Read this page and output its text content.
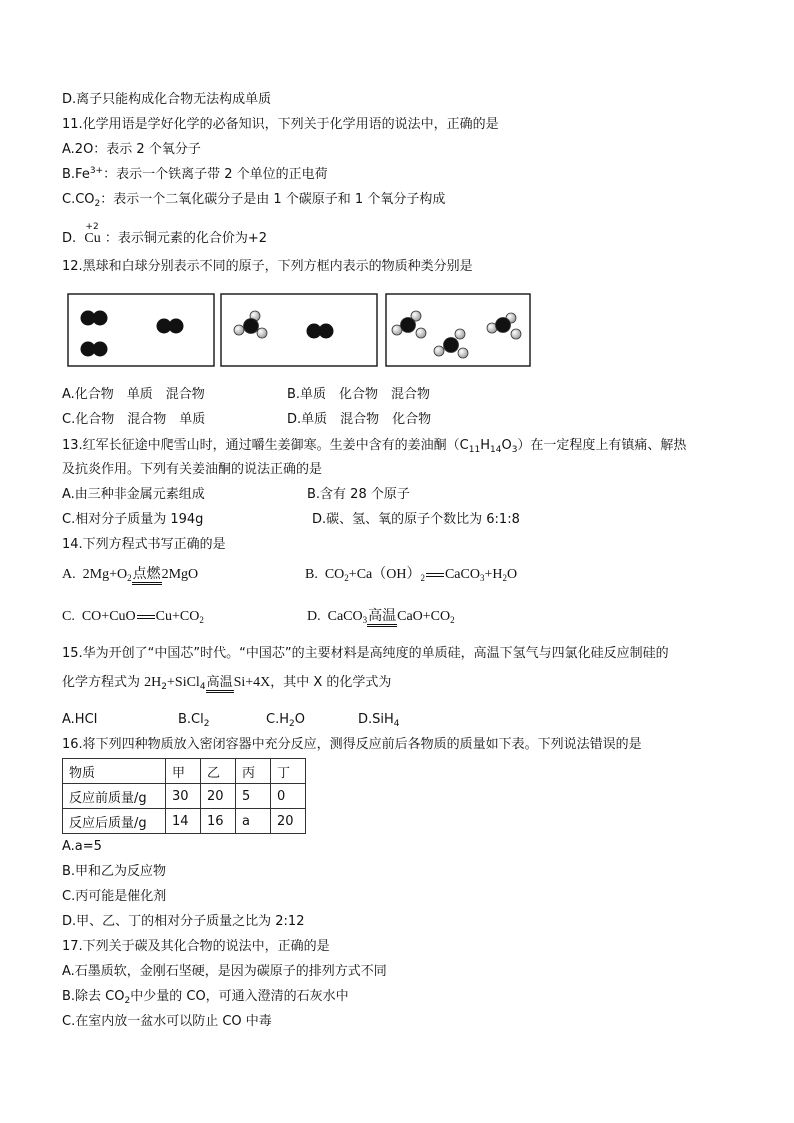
D.离子只能构成化合物无法构成单质
11.化学用语是学好化学的必备知识，下列关于化学用语的说法中，正确的是
A.2O：表示 2 个氧分子
$B.Fe^{3+}$：表示一个铁离子带 2 个单位的正电荷
$C.CO_2$：表示一个二氧化碳分子是由 1 个碳原子和 1 个氧分子构成
D.
+2
Cu ：表示铜元素的化合价为+2
12.黑球和白球分别表示不同的原子，下列方框内表示的物质种类分别是
A.化合物　单质　混合物	B.单质　化合物　混合物
C.化合物　混合物　单质	D.单质　混合物　化合物
13.红军长征途中爬雪山时，通过嚼生姜御寒。生姜中含有的姜油酮$(C_{11}H_{14}O_3)$在一定程度上有镇痛、解热
及抗炎作用。下列有关姜油酮的说法正确的是
A.由三种非金属元素组成	B.含有 28 个原子
C.相对分子质量为 194g	D.碳、氢、氧的原子个数比为 6:1:8
14.下列方程式书写正确的是
A. $2Mg+O_2$点燃2MgO	B. $CO_2+Ca(OH)_2$ $CaCO_3+H_2O$
C. CO+CuO $Cu+CO_2$	D. CaCO$_3$高温$CaO+CO_2$
15.华为开创了“中国芯”时代。“中国芯”的主要材料是高纯度的单质硅，高温下氢气与四氯化硅反应制硅的
化学方程式为 $2H_2+SiCl_4$高温Si+4X，其中 X 的化学式为
A.HCI	$B.Cl_2$	$C.H_2O$	D.SiH$_4$
16.将下列四种物质放入密闭容器中充分反应，测得反应前后各物质的质量如下表。下列说法错误的是
物质	甲	乙	丙	丁
反应前质量/g	30	20	5	0
反应后质量/g	14	16	a	20
A.a=5
B.甲和乙为反应物
C.丙可能是催化剂
D.甲、乙、丁的相对分子质量之比为 2:12
17.下列关于碳及其化合物的说法中，正确的是
A.石墨质软，金刚石坚硬，是因为碳原子的排列方式不同
B.除去 $CO_2$中少量的 CO，可通入澄清的石灰水中
C.在室内放一盆水可以防止 CO 中毒
